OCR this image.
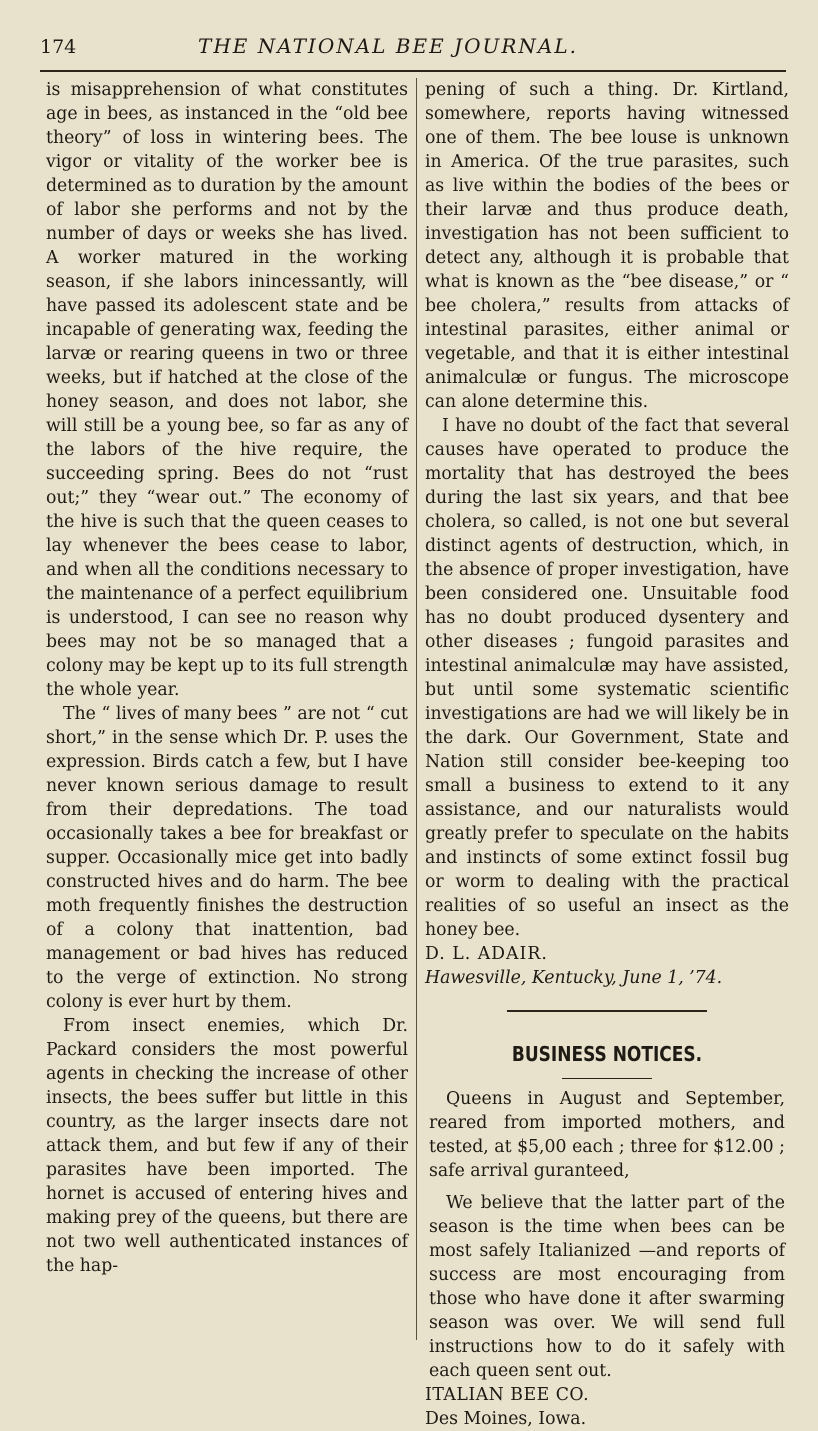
174	THE NATIONAL BEE JOURNAL.

is misapprehension of what constitutes age in bees, as instanced in the “old bee theory” of loss in wintering bees. The vigor or vitality of the worker bee is determined as to duration by the amount of labor she performs and not by the number of days or weeks she has lived. A worker matured in the working season, if she labors inincessantly, will have passed its adolescent state and be incapable of generating wax, feeding the larvæ or rearing queens in two or three weeks, but if hatched at the close of the honey season, and does not labor, she will still be a young bee, so far as any of the labors of the hive require, the succeeding spring. Bees do not “rust out;” they “wear out.” The economy of the hive is such that the queen ceases to lay whenever the bees cease to labor, and when all the conditions necessary to the maintenance of a perfect equilibrium is understood, I can see no reason why bees may not be so managed that a colony may be kept up to its full strength the whole year.

The “ lives of many bees ” are not “ cut short,” in the sense which Dr. P. uses the expression. Birds catch a few, but I have never known serious damage to result from their depredations. The toad occasionally takes a bee for breakfast or supper. Occasionally mice get into badly constructed hives and do harm. The bee moth frequently finishes the destruction of a colony that inattention, bad management or bad hives has reduced to the verge of extinction. No strong colony is ever hurt by them.

From insect enemies, which Dr. Packard considers the most powerful agents in checking the increase of other insects, the bees suffer but little in this country, as the larger insects dare not attack them, and but few if any of their parasites have been imported. The hornet is accused of entering hives and making prey of the queens, but there are not two well authenticated instances of the hap-

pening of such a thing. Dr. Kirtland, somewhere, reports having witnessed one of them. The bee louse is unknown in America. Of the true parasites, such as live within the bodies of the bees or their larvæ and thus produce death, investigation has not been sufficient to detect any, although it is probable that what is known as the “bee disease,” or “ bee cholera,” results from attacks of intestinal parasites, either animal or vegetable, and that it is either intestinal animalculæ or fungus. The microscope can alone determine this.

I have no doubt of the fact that several causes have operated to produce the mortality that has destroyed the bees during the last six years, and that bee cholera, so called, is not one but several distinct agents of destruction, which, in the absence of proper investigation, have been considered one. Unsuitable food has no doubt produced dysentery and other diseases ; fungoid parasites and intestinal animalculæ may have assisted, but until some systematic scientific investigations are had we will likely be in the dark. Our Government, State and Nation still consider bee-keeping too small a business to extend to it any assistance, and our naturalists would greatly prefer to speculate on the habits and instincts of some extinct fossil bug or worm to dealing with the practical realities of so useful an insect as the honey bee.

D. L. ADAIR.

Hawesville, Kentucky, June 1, ’74.

BUSINESS NOTICES.

Queens in August and September, reared from imported mothers, and tested, at $5,00 each ; three for $12.00 ; safe arrival guranteed,

We believe that the latter part of the season is the time when bees can be most safely Italianized —and reports of success are most encouraging from those who have done it after swarming season was over. We will send full instructions how to do it safely with each queen sent out.

ITALIAN BEE CO.

Des Moines, Iowa.
